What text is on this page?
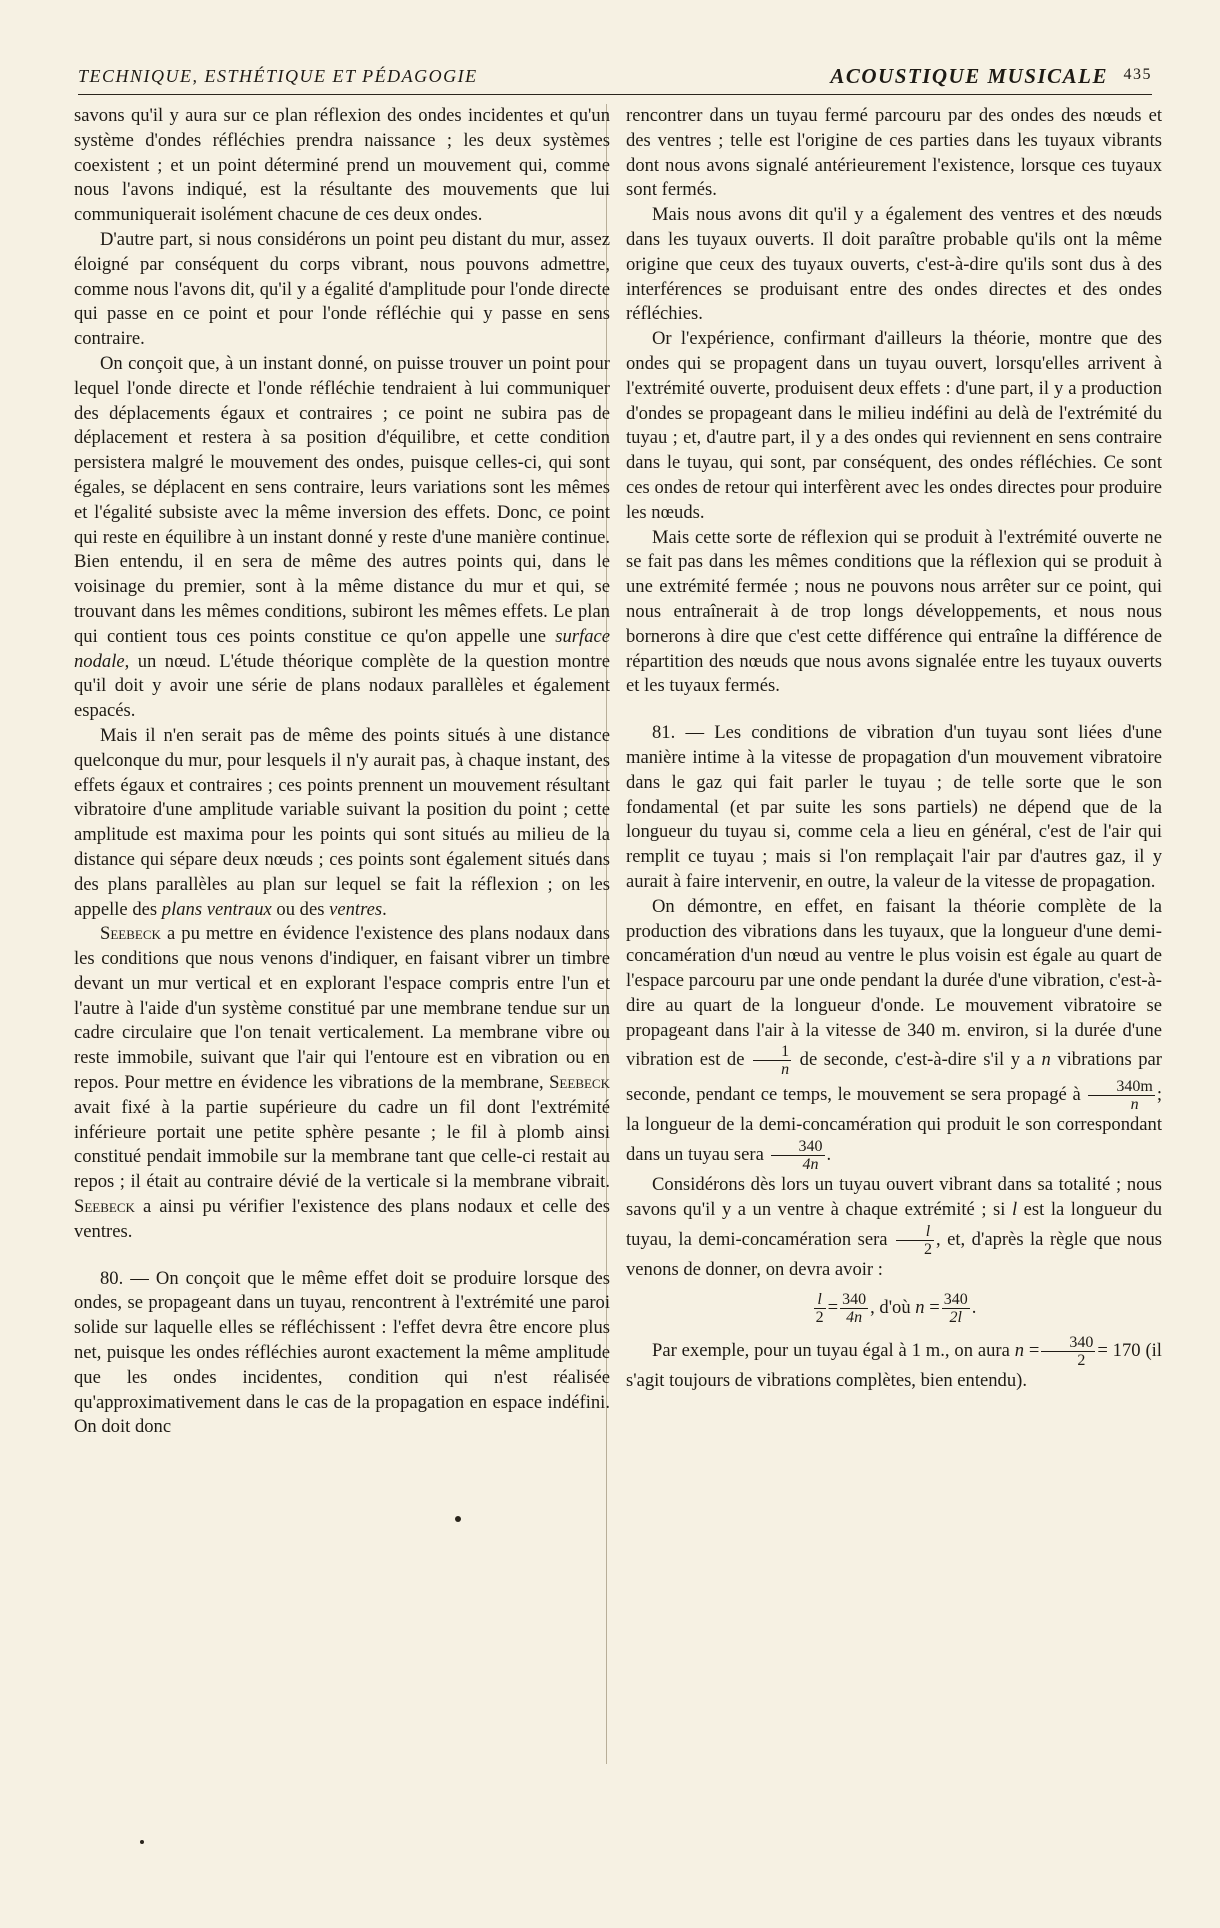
TECHNIQUE, ESTHÉTIQUE ET PÉDAGOGIE	ACOUSTIQUE MUSICALE 435

savons qu'il y aura sur ce plan réflexion des ondes incidentes et qu'un système d'ondes réfléchies prendra naissance ; les deux systèmes coexistent ; et un point déterminé prend un mouvement qui, comme nous l'avons indiqué, est la résultante des mouvements que lui communiquerait isolément chacune de ces deux ondes.

D'autre part, si nous considérons un point peu distant du mur, assez éloigné par conséquent du corps vibrant, nous pouvons admettre, comme nous l'avons dit, qu'il y a égalité d'amplitude pour l'onde directe qui passe en ce point et pour l'onde réfléchie qui y passe en sens contraire.

On conçoit que, à un instant donné, on puisse trouver un point pour lequel l'onde directe et l'onde réfléchie tendraient à lui communiquer des déplacements égaux et contraires ; ce point ne subira pas de déplacement et restera à sa position d'équilibre, et cette condition persistera malgré le mouvement des ondes, puisque celles-ci, qui sont égales, se déplacent en sens contraire, leurs variations sont les mêmes et l'égalité subsiste avec la même inversion des effets. Donc, ce point qui reste en équilibre à un instant donné y reste d'une manière continue. Bien entendu, il en sera de même des autres points qui, dans le voisinage du premier, sont à la même distance du mur et qui, se trouvant dans les mêmes conditions, subiront les mêmes effets. Le plan qui contient tous ces points constitue ce qu'on appelle une surface nodale, un nœud. L'étude théorique complète de la question montre qu'il doit y avoir une série de plans nodaux parallèles et également espacés.

Mais il n'en serait pas de même des points situés à une distance quelconque du mur, pour lesquels il n'y aurait pas, à chaque instant, des effets égaux et contraires ; ces points prennent un mouvement résultant vibratoire d'une amplitude variable suivant la position du point ; cette amplitude est maxima pour les points qui sont situés au milieu de la distance qui sépare deux nœuds ; ces points sont également situés dans des plans parallèles au plan sur lequel se fait la réflexion ; on les appelle des plans ventraux ou des ventres.

Seebeck a pu mettre en évidence l'existence des plans nodaux dans les conditions que nous venons d'indiquer, en faisant vibrer un timbre devant un mur vertical et en explorant l'espace compris entre l'un et l'autre à l'aide d'un système constitué par une membrane tendue sur un cadre circulaire que l'on tenait verticalement. La membrane vibre ou reste immobile, suivant que l'air qui l'entoure est en vibration ou en repos. Pour mettre en évidence les vibrations de la membrane, Seebeck avait fixé à la partie supérieure du cadre un fil dont l'extrémité inférieure portait une petite sphère pesante ; le fil à plomb ainsi constitué pendait immobile sur la membrane tant que celle-ci restait au repos ; il était au contraire dévié de la verticale si la membrane vibrait. Seebeck a ainsi pu vérifier l'existence des plans nodaux et celle des ventres.

80. — On conçoit que le même effet doit se produire lorsque des ondes, se propageant dans un tuyau, rencontrent à l'extrémité une paroi solide sur laquelle elles se réfléchissent : l'effet devra être encore plus net, puisque les ondes réfléchies auront exactement la même amplitude que les ondes incidentes, condition qui n'est réalisée qu'approximativement dans le cas de la propagation en espace indéfini. On doit donc

rencontrer dans un tuyau fermé parcouru par des ondes des nœuds et des ventres ; telle est l'origine de ces parties dans les tuyaux vibrants dont nous avons signalé antérieurement l'existence, lorsque ces tuyaux sont fermés.

Mais nous avons dit qu'il y a également des ventres et des nœuds dans les tuyaux ouverts. Il doit paraître probable qu'ils ont la même origine que ceux des tuyaux ouverts, c'est-à-dire qu'ils sont dus à des interférences se produisant entre des ondes directes et des ondes réfléchies.

Or l'expérience, confirmant d'ailleurs la théorie, montre que des ondes qui se propagent dans un tuyau ouvert, lorsqu'elles arrivent à l'extrémité ouverte, produisent deux effets : d'une part, il y a production d'ondes se propageant dans le milieu indéfini au delà de l'extrémité du tuyau ; et, d'autre part, il y a des ondes qui reviennent en sens contraire dans le tuyau, qui sont, par conséquent, des ondes réfléchies. Ce sont ces ondes de retour qui interfèrent avec les ondes directes pour produire les nœuds.

Mais cette sorte de réflexion qui se produit à l'extrémité ouverte ne se fait pas dans les mêmes conditions que la réflexion qui se produit à une extrémité fermée ; nous ne pouvons nous arrêter sur ce point, qui nous entraînerait à de trop longs développements, et nous nous bornerons à dire que c'est cette différence qui entraîne la différence de répartition des nœuds que nous avons signalée entre les tuyaux ouverts et les tuyaux fermés.

81. — Les conditions de vibration d'un tuyau sont liées d'une manière intime à la vitesse de propagation d'un mouvement vibratoire dans le gaz qui fait parler le tuyau ; de telle sorte que le son fondamental (et par suite les sons partiels) ne dépend que de la longueur du tuyau si, comme cela a lieu en général, c'est de l'air qui remplit ce tuyau ; mais si l'on remplaçait l'air par d'autres gaz, il y aurait à faire intervenir, en outre, la valeur de la vitesse de propagation.

On démontre, en effet, en faisant la théorie complète de la production des vibrations dans les tuyaux, que la longueur d'une demi-concamération d'un nœud au ventre le plus voisin est égale au quart de l'espace parcouru par une onde pendant la durée d'une vibration, c'est-à-dire au quart de la longueur d'onde. Le mouvement vibratoire se propageant dans l'air à la vitesse de 340 m. environ, si la durée d'une vibration est de $\frac{1}{n}$ de seconde, c'est-à-dire s'il y a n vibrations par seconde, pendant ce temps, le mouvement se sera propagé à $\frac{340m}{n}$ ; la longueur de la demi-concamération qui produit le son correspondant dans un tuyau sera $\frac{340}{4n}$ .

Considérons dès lors un tuyau ouvert vibrant dans sa totalité ; nous savons qu'il y a un ventre à chaque extrémité ; si l est la longueur du tuyau, la demi-concamération sera $\frac{l}{2}$ , et, d'après la règle que nous venons de donner, on devra avoir :

$\frac{l}{2} = \frac{340}{4n}$ , d'où $n = \frac{340}{2l}$ .

Par exemple, pour un tuyau égal à 1 m., on aura $n = \frac{340}{2} = 170$ (il s'agit toujours de vibrations complètes, bien entendu).
